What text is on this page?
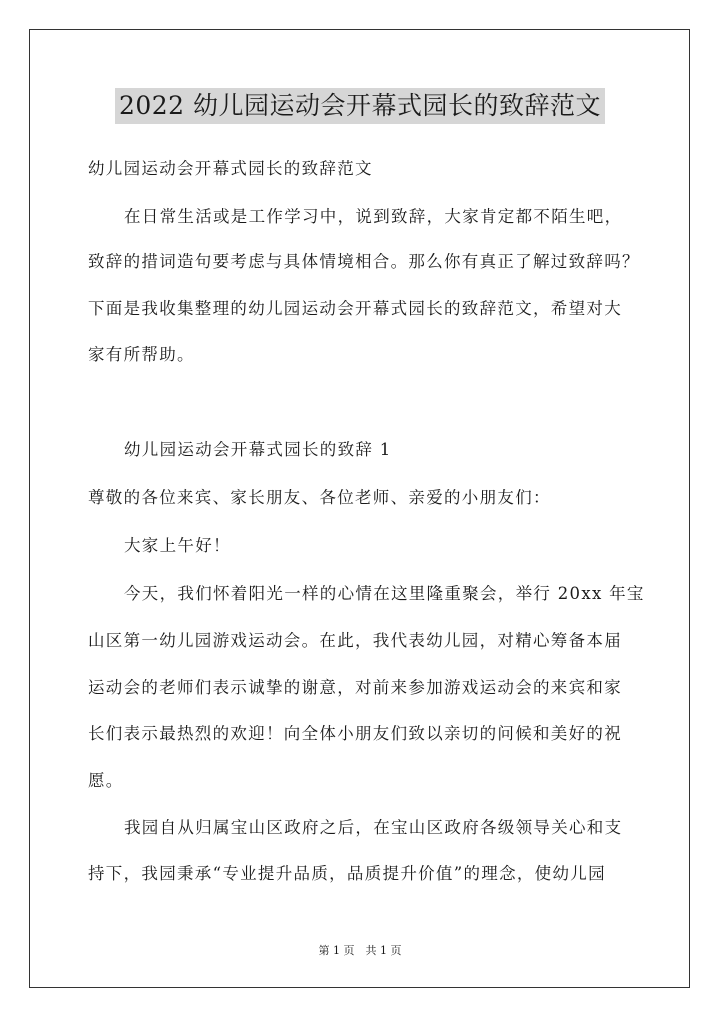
2022 幼儿园运动会开幕式园长的致辞范文
幼儿园运动会开幕式园长的致辞范文
在日常生活或是工作学习中，说到致辞，大家肯定都不陌生吧，
致辞的措词造句要考虑与具体情境相合。那么你有真正了解过致辞吗？
下面是我收集整理的幼儿园运动会开幕式园长的致辞范文，希望对大
家有所帮助。
幼儿园运动会开幕式园长的致辞 1
尊敬的各位来宾、家长朋友、各位老师、亲爱的小朋友们：
大家上午好！
今天，我们怀着阳光一样的心情在这里隆重聚会，举行 20xx 年宝
山区第一幼儿园游戏运动会。在此，我代表幼儿园，对精心筹备本届
运动会的老师们表示诚挚的谢意，对前来参加游戏运动会的来宾和家
长们表示最热烈的欢迎！向全体小朋友们致以亲切的问候和美好的祝
愿。
我园自从归属宝山区政府之后，在宝山区政府各级领导关心和支
持下，我园秉承“专业提升品质，品质提升价值”的理念，使幼儿园
第 1 页　共 1 页
